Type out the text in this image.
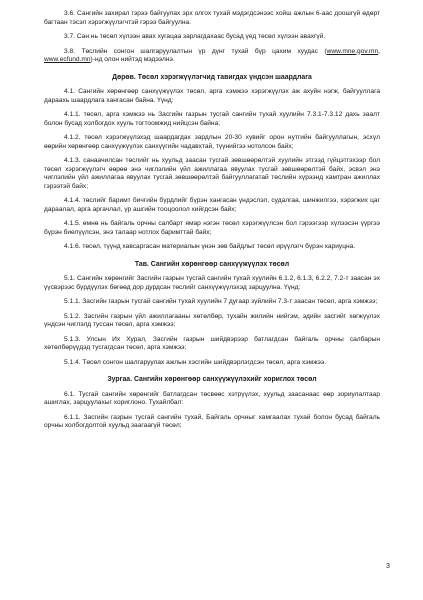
3.6. Сангийн захирал гэрээ байгуулах эрх олгох тухай мэдэгдсэнээс хойш ажлын 6-аас доошгүй өдөрт багтаан тэсэл хэрэгжүүлэгчтэй гэрээ байгуулна.

3.7. Сан нь төсөл хүлээн авах хугацаа зарлагдахаас бусад үед төсөл хүлээн авахгүй.

3.8. Төслийн сонгон шалгаруулалтын үр дүнг тухай бүр цахим хуудас (www.mne.gov.mn, www.ecfund.mn)-нд олон нийтэд мэдээлнэ.

Дөрөв. Төсөл хэрэгжүүлэгчид тавигдах үндсэн шаардлага

4.1. Сангийн хөрөнгөөр санхүүжүүлэх төсөл, арга хэмжээ хэрэгжүүлэх аж ахуйн нэгж, байгууллага дараахь шаардлага хангасан байна. Үүнд:

4.1.1. төсөл, арга хэмжээ нь Засгийн газрын тусгай сангийн тухай хуулийн 7.3.1-7.3.12 дахь заалт болон бусад холбогдох хууль тогтоомжид нийцсэн байна;

4.1.2. төсөл хэрэгжүүлэхэд шаардагдах зардлын 20-30 хувийг орон нутгийн байгууллагын, эсхүл өөрийн хөрөнгөөр санхүүжүүлэх санхүүгийн чадавхтай, түүнийгээ нотолсон байх;

4.1.3. санаачилсан төслийг нь хуульд заасан тусгай зөвшөөрөлтэй хуулийн этгээд гүйцэтгэхээр бол төсөл хэрэгжүүлэгч өөрөө энэ чиглэлийн үйл ажиллагаа явуулах тусгай зөвшөөрөлтэй байх, эсвэл энэ чиглэлийн үйл ажиллагаа явуулах тусгай зөвшөөрөлтэй байгууллагатай төслийн хүрээнд хамтран ажиллах гэрээтэй байх;

4.1.4. төслийг баримт бичгийн бүрдлийг бүрэн хангасан үндэслэл, судалгаа, шинжилгээ, хэрэгжих цаг дараалал, арга аргачлал, үр ашгийн тооцоолол хийгдсэн байх;

4.1.5. өмнө нь байгаль орчны салбарт ямар нэгэн төсөл хэрэгжүүлсэн бол гэрээгээр хүлээсэн үүргээ бүрэн биелүүлсэн, энэ талаар нотлох баримттай байх;

4.1.6. төсөл, түүнд хавсаргасан материалын үнэн зөв байдлыг төсөл ирүүлэгч бүрэн хариуцна.

Тав. Сангийн хөрөнгөөр санхүүжүүлэх төсөл

5.1. Сангийн хөрөнгийг Засгийн газрын тусгай сангийн тухай хуулийн 6.1.2, 6.1.3, 6.2.2, 7.2-т заасан эх үүсвэрээс бүрдүүлэх бөгөөд дор дурдсан төслийг санхүүжүүлэхэд зарцуулна. Үүнд:

5.1.1. Засгийн газрын тусгай сангийн тухай хуулийн 7 дугаар зүйлийн 7.3-т заасан төсөл, арга хэмжээ;

5.1.2. Засгийн газрын үйл ажиллагааны хөтөлбөр, тухайн жилийн нийгэм, эдийн засгийг хөгжүүлэх үндсэн чиглэлд туссан төсөл, арга хэмжээ;

5.1.3. Улсын Их Хурал, Засгийн газрын шийдвэрээр батлагдсан байгаль орчны салбарын хөтөлбөрүүдэд тусгагдсан төсөл, арга хэмжээ;

5.1.4. Төсөл сонгон шалгаруулах ажлын хэсгийн шийдвэрлэгдсэн төсөл, арга хэмжээ.

Зургаа. Сангийн хөрөнгөөр санхүүжүүлэхийг хориглох төсөл

6.1. Тусгай сангийн хөрөнгийг батлагдсан төсвөөс хэтрүүлэх, хуульд заасанаас өөр зориулалтаар ашиглах, зарцуулахыг хориглоно. Тухайлбал:

6.1.1. Засгийн газрын тусгай сангийн тухай, Байгаль орчныг хамгаалах тухай болон бусад байгаль орчны холбогдолтой хуульд заагаагүй төсөл;

3
